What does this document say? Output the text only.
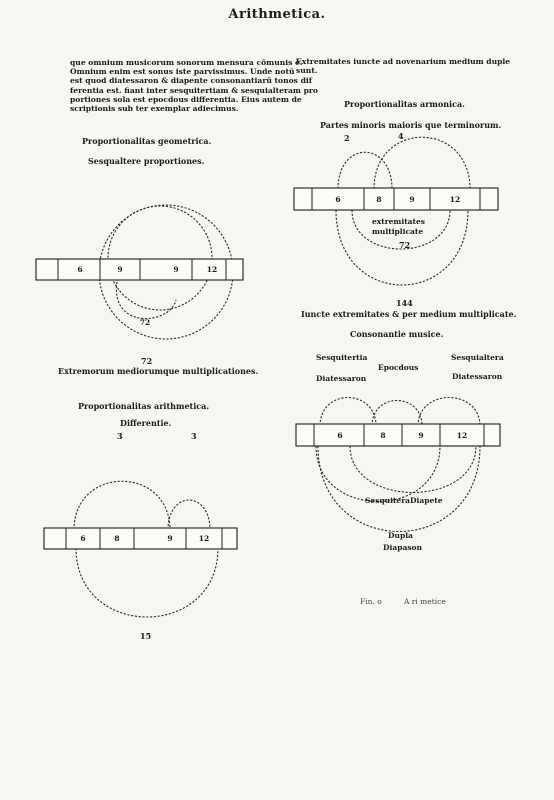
Arithmetica.
que omnium musicorum sonorum mensura cōmunis ē.
Omnium enim est sonus iste parvissimus. Unde notū
est quod diatessaron & diapente consonantiarū tonos dif
ferentia est. fiant inter sesquitertiam & sesquialteram pro
portiones sola est epocdous differentia. Eius autem de
scriptionis sub ter exemplar adiecimus.
Proportionalitas geometrica.
Sesqualtere proportiones.
6	9	9	12
72
72
Extremorum mediorumque multiplicationes.
Proportionalitas arithmetica.
Differentie.
3	3
6	8	9	12
15
Extremitates iuncte ad novenarium medium duple
sunt.
Proportionalitas armonica.
Partes minoris maioris que terminorum.
2	4
6	8	9	12
extremitates
multiplicate
72
144
Iuncte extremitates & per medium multiplicate.
Consonantie musice.
Sesquitertia
Epocdous
Sesquialtera
Diatessaron	Diatessaron
6	8	9	12
Sesquitera Diapete
Dupla
Diapason
Fin. o	A ri metice
